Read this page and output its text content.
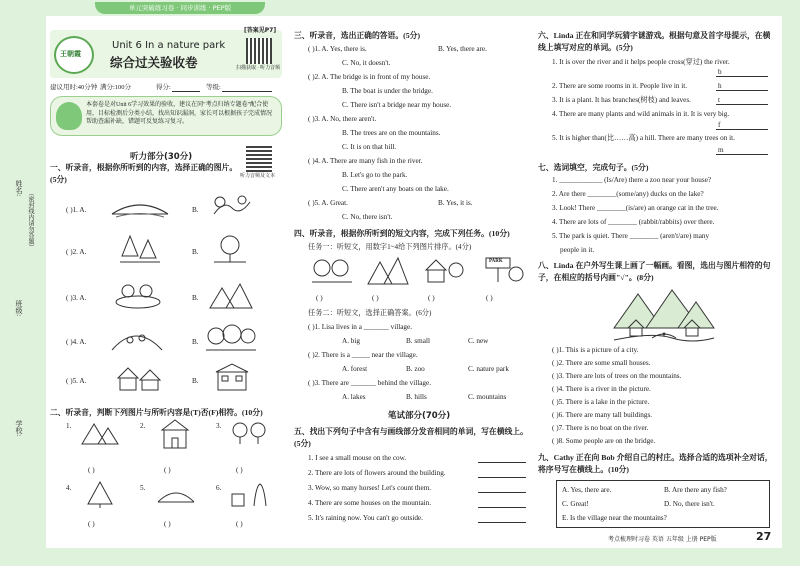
单元突破练习卷 · 同步训练 · PEP版
姓名:
（密封线内请勿答题）
班级:
学校:
王朝霞
Unit 6 In a nature park
综合过关验收卷
[答案见P7]
扫描获取 · 听力音频
建议用时:40分钟 满分:100分	得分:	等级:
本套卷是对Unit 6学习效果的验收，建议在同"考点归纳专题卷"配合使用，目标检测后分类小结，找出知识漏洞，家长可以根据孩子完成情况帮助查漏补缺，错题可反复练习复习。
听力部分(30分)
听力音频及文本
一、听录音，根据你所听到的内容，选择正确的图片。(5分)
( )1. A.	B.
( )2. A.	B.
( )3. A.	B.
( )4. A.	B.
( )5. A.	B.
二、听录音，判断下列图片与所听内容是(T)否(F)相符。(10分)
1.
( )
2.
( )
3.
( )
4.
( )
5.
( )
6.
( )
三、听录音，选出正确的答语。(5分)
( )1. A. Yes, there is.	B. Yes, there are.
C. No, it doesn't.
( )2. A. The bridge is in front of my house.
B. The boat is under the bridge.
C. There isn't a bridge near my house.
( )3. A. No, there aren't.
B. The trees are on the mountains.
C. It is on that hill.
( )4. A. There are many fish in the river.
B. Let's go to the park.
C. There aren't any boats on the lake.
( )5. A. Great.	B. Yes, it is.
C. No, there isn't.
四、听录音，根据你所听到的短文内容，完成下列任务。(10分)
任务一：听短文，用数字1~4给下列图片排序。(4分)
PARK
( )	( )	( )	( )
任务二：听短文，选择正确答案。(6分)
( )1. Lisa lives in a _______ village.
A. big	B. small	C. new
( )2. There is a _____ near the village.
A. forest	B. zoo	C. nature park
( )3. There are _______ behind the village.
A. lakes	B. hills	C. mountains
笔试部分(70分)
五、找出下列句子中含有与画线部分发音相同的单词，写在横线上。(5分)
1. I see a small mouse on the cow.
2. There are lots of flowers around the building.
3. Wow, so many horses! Let's count them.
4. There are some houses on the mountain.
5. It's raining now. You can't go outside.
六、Linda 正在和同学玩猜字谜游戏。根据句意及首字母提示，在横线上填写对应的单词。(5分)
1. It is over the river and it helps people cross(穿过) the river.
b
2. There are some rooms in it. People live in it.	h
3. It is a plant. It has branches(树枝) and leaves.	t
4. There are many plants and wild animals in it. It is very big.
f
5. It is higher than(比……高) a hill. There are many trees on it.
m
七、选词填空，完成句子。(5分)
1. ____________ (Is/Are) there a zoo near your house?
2. Are there ________(some/any) ducks on the lake?
3. Look! There ________(is/are) an orange cat in the tree.
4. There are lots of ________ (rabbit/rabbits) over there.
5. The park is quiet. There ________ (aren't/are) many
people in it.
八、Linda 在户外写生课上画了一幅画。看图，选出与图片相符的句子，在相应的括号内画"√"。(8分)
( )1. This is a picture of a city.
( )2. There are some small houses.
( )3. There are lots of trees on the mountains.
( )4. There is a river in the picture.
( )5. There is a lake in the picture.
( )6. There are many tall buildings.
( )7. There is no boat on the river.
( )8. Some people are on the bridge.
九、Cathy 正在向 Bob 介绍自己的村庄。选择合适的选项补全对话，将序号写在横线上。(10分)
A. Yes, there are.	B. Are there any fish?
C. Great!	D. No, there isn't.
E. Is the village near the mountains?
考点梳理时习卷 英语 五年级 上册 PEP版	27
